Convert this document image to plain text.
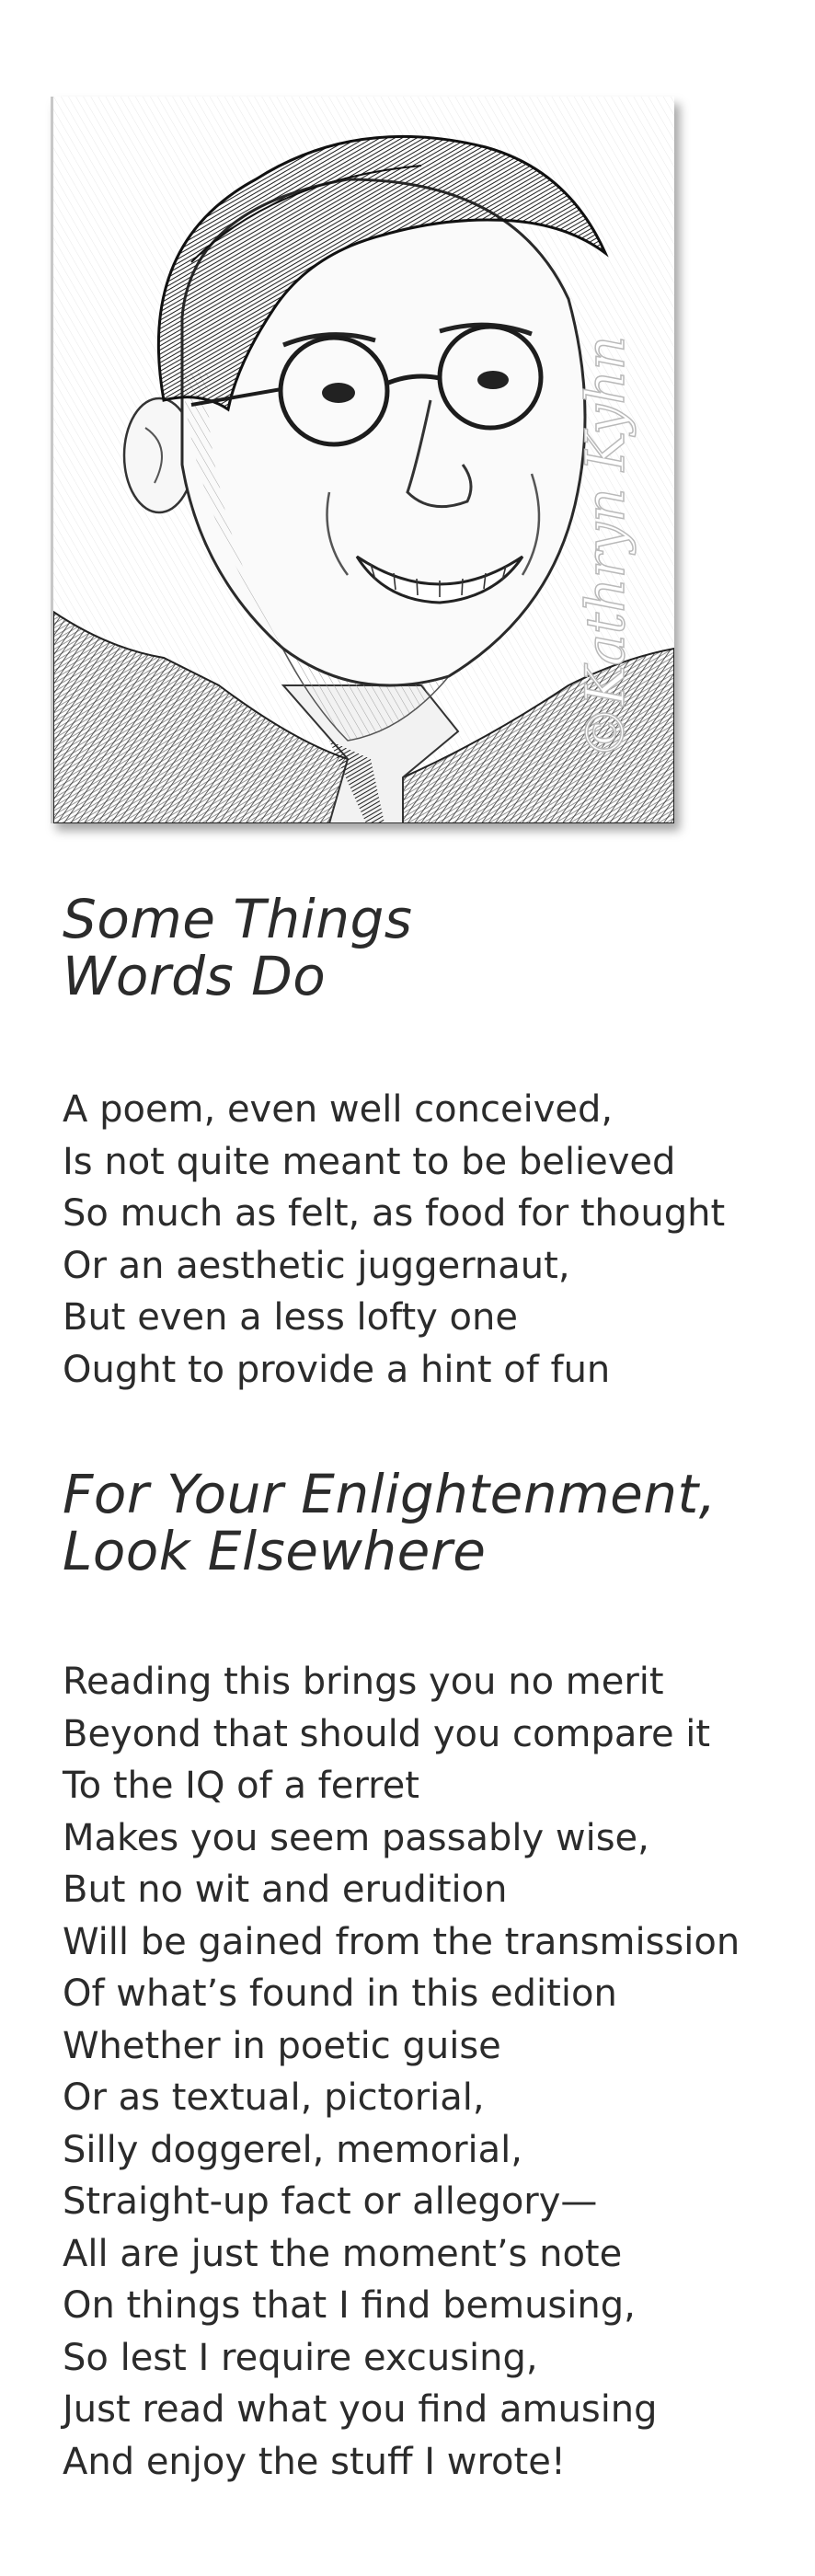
©Kathryn Kyhn
Some Things
Words Do
A poem, even well conceived,
Is not quite meant to be believed
So much as felt, as food for thought
Or an aesthetic juggernaut,
But even a less lofty one
Ought to provide a hint of fun
For Your Enlightenment,
Look Elsewhere
Reading this brings you no merit
Beyond that should you compare it
To the IQ of a ferret
Makes you seem passably wise,
But no wit and erudition
Will be gained from the transmission
Of what’s found in this edition
Whether in poetic guise
Or as textual, pictorial,
Silly doggerel, memorial,
Straight-up fact or allegory—
All are just the moment’s note
On things that I find bemusing,
So lest I require excusing,
Just read what you find amusing
And enjoy the stuff I wrote!
